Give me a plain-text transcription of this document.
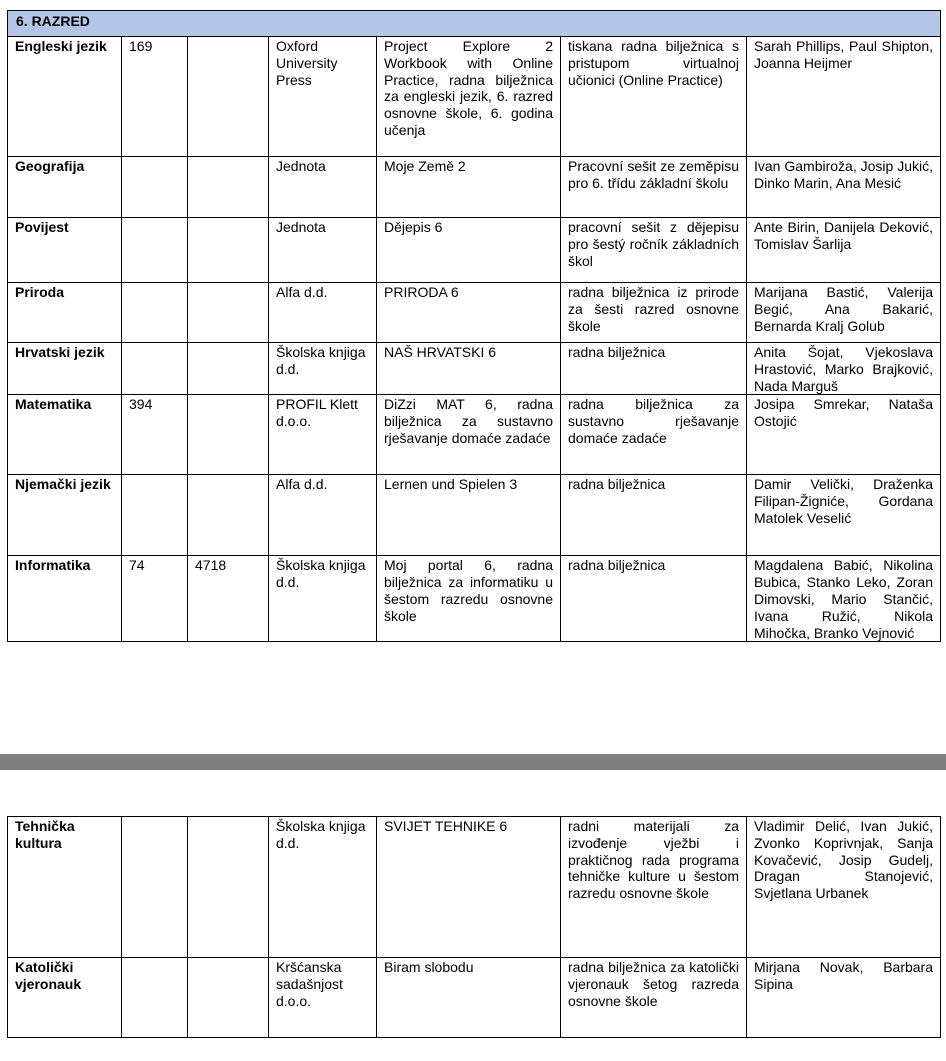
6. RAZRED						
Engleski jezik	169		Oxford University Press	Project Explore 2 Workbook with Online Practice, radna bilježnica za engleski jezik, 6. razred osnovne škole, 6. godina učenja	tiskana radna bilježnica s pristupom virtualnoj učionici (Online Practice)	Sarah Phillips, Paul Shipton, Joanna Heijmer
Geografija			Jednota	Moje Země 2	Pracovní sešit ze zeměpisu pro 6. třídu základní školu	Ivan Gambiroža, Josip Jukić, Dinko Marin, Ana Mesić
Povijest			Jednota	Dějepis 6	pracovní sešit z dějepisu pro šestý ročník základních škol	Ante Birin, Danijela Deković, Tomislav Šarlija
Priroda			Alfa d.d.	PRIRODA 6	radna bilježnica iz prirode za šesti razred osnovne škole	Marijana Bastić, Valerija Begić, Ana Bakarić, Bernarda Kralj Golub
Hrvatski jezik			Školska knjiga d.d.	NAŠ HRVATSKI 6	radna bilježnica	Anita Šojat, Vjekoslava Hrastović, Marko Brajković, Nada Marguš
Matematika	394		PROFIL Klett d.o.o.	DiZzi MAT 6, radna bilježnica za sustavno rješavanje domaće zadaće	radna bilježnica za sustavno rješavanje domaće zadaće	Josipa Smrekar, Nataša Ostojić
Njemački jezik			Alfa d.d.	Lernen und Spielen 3	radna bilježnica	Damir Velički, Draženka Filipan-Žigniće, Gordana Matolek Veselić
Informatika	74	4718	Školska knjiga d.d.	Moj portal 6, radna bilježnica za informatiku u šestom razredu osnovne škole	radna bilježnica	Magdalena Babić, Nikolina Bubica, Stanko Leko, Zoran Dimovski, Mario Stančić, Ivana Ružić, Nikola Mihočka, Branko Vejnović
Tehnička kultura			Školska knjiga d.d.	SVIJET TEHNIKE 6	radni materijali za izvođenje vježbi i praktičnog rada programa tehničke kulture u šestom razredu osnovne škole	Vladimir Delić, Ivan Jukić, Zvonko Koprivnjak, Sanja Kovačević, Josip Gudelj, Dragan Stanojević, Svjetlana Urbanek
Katolički vjeronauk			Kršćanska sadašnjost d.o.o.	Biram slobodu	radna bilježnica za katolički vjeronauk šetog razreda osnovne škole	Mirjana Novak, Barbara Sipina
